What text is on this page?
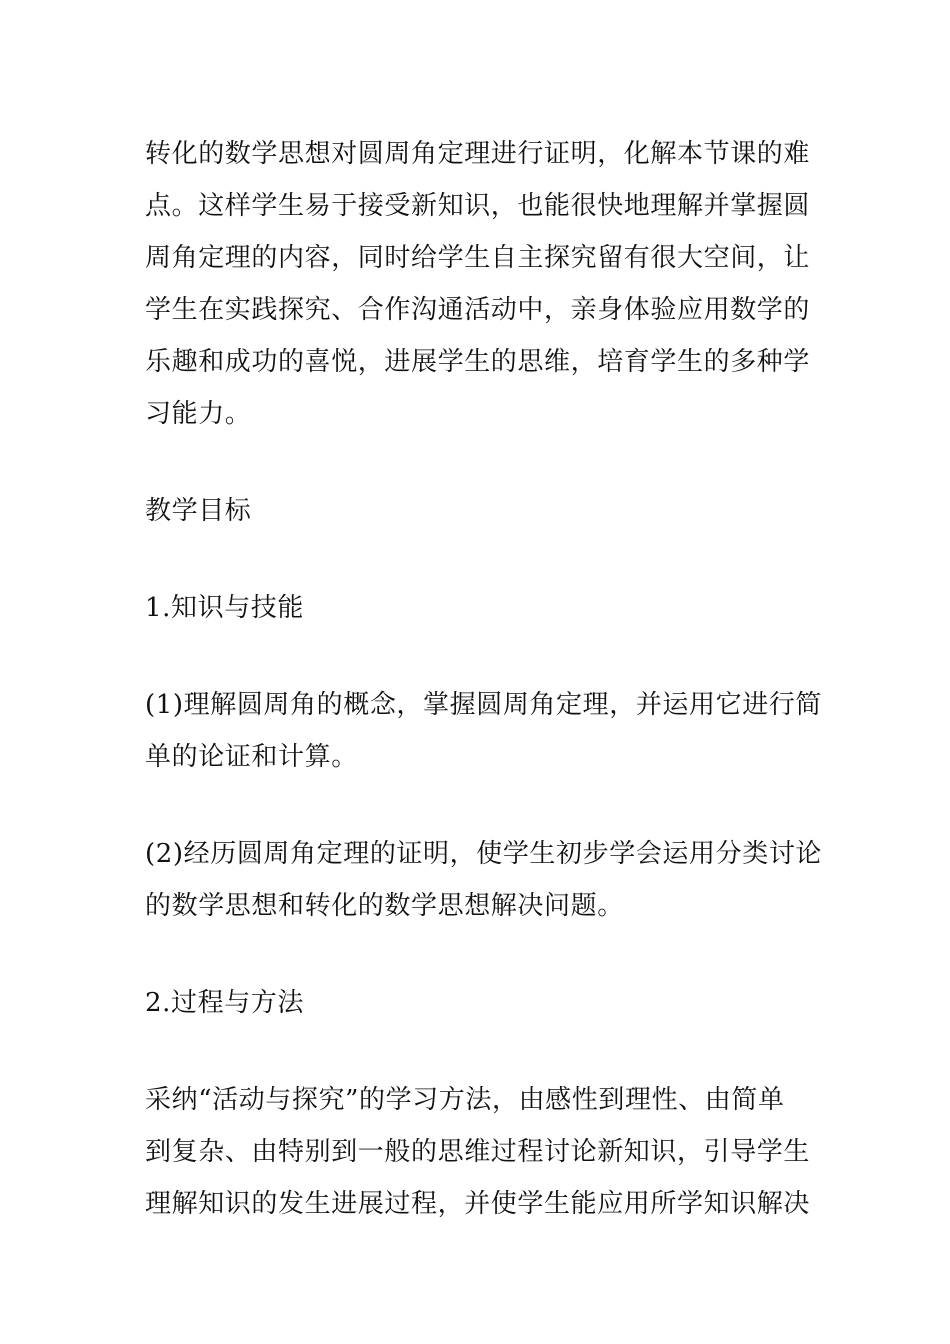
转化的数学思想对圆周角定理进行证明，化解本节课的难
点。这样学生易于接受新知识，也能很快地理解并掌握圆
周角定理的内容，同时给学生自主探究留有很大空间，让
学生在实践探究、合作沟通活动中，亲身体验应用数学的
乐趣和成功的喜悦，进展学生的思维，培育学生的多种学
习能力。
教学目标
1.知识与技能
(1)理解圆周角的概念，掌握圆周角定理，并运用它进行简
单的论证和计算。
(2)经历圆周角定理的证明，使学生初步学会运用分类讨论
的数学思想和转化的数学思想解决问题。
2.过程与方法
采纳“活动与探究”的学习方法，由感性到理性、由简单
到复杂、由特别到一般的思维过程讨论新知识，引导学生
理解知识的发生进展过程，并使学生能应用所学知识解决
